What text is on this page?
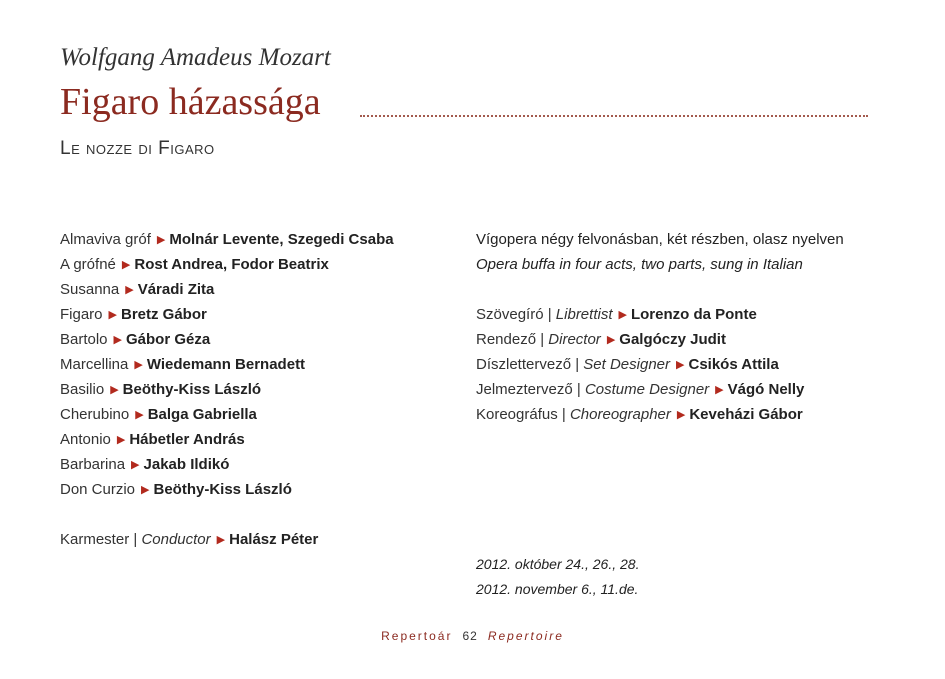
Wolfgang Amadeus Mozart
Figaro házassága
Le nozze di Figaro
Almaviva gróf ▶ Molnár Levente, Szegedi Csaba
A grófné ▶ Rost Andrea, Fodor Beatrix
Susanna ▶ Váradi Zita
Figaro ▶ Bretz Gábor
Bartolo ▶ Gábor Géza
Marcellina ▶ Wiedemann Bernadett
Basilio ▶ Beöthy-Kiss László
Cherubino ▶ Balga Gabriella
Antonio ▶ Hábetler András
Barbarina ▶ Jakab Ildikó
Don Curzio ▶ Beöthy-Kiss László
Karmester | Conductor ▶ Halász Péter
Vígopera négy felvonásban, két részben, olasz nyelven
Opera buffa in four acts, two parts, sung in Italian
Szövegíró | Librettist ▶ Lorenzo da Ponte
Rendező | Director ▶ Galgóczy Judit
Díszlettervező | Set Designer ▶ Csikós Attila
Jelmeztervező | Costume Designer ▶ Vágó Nelly
Koreográfus | Choreographer ▶ Keveházi Gábor
2012. október 24., 26., 28.
2012. november 6., 11.de.
Repertoár 62 Repertoire
